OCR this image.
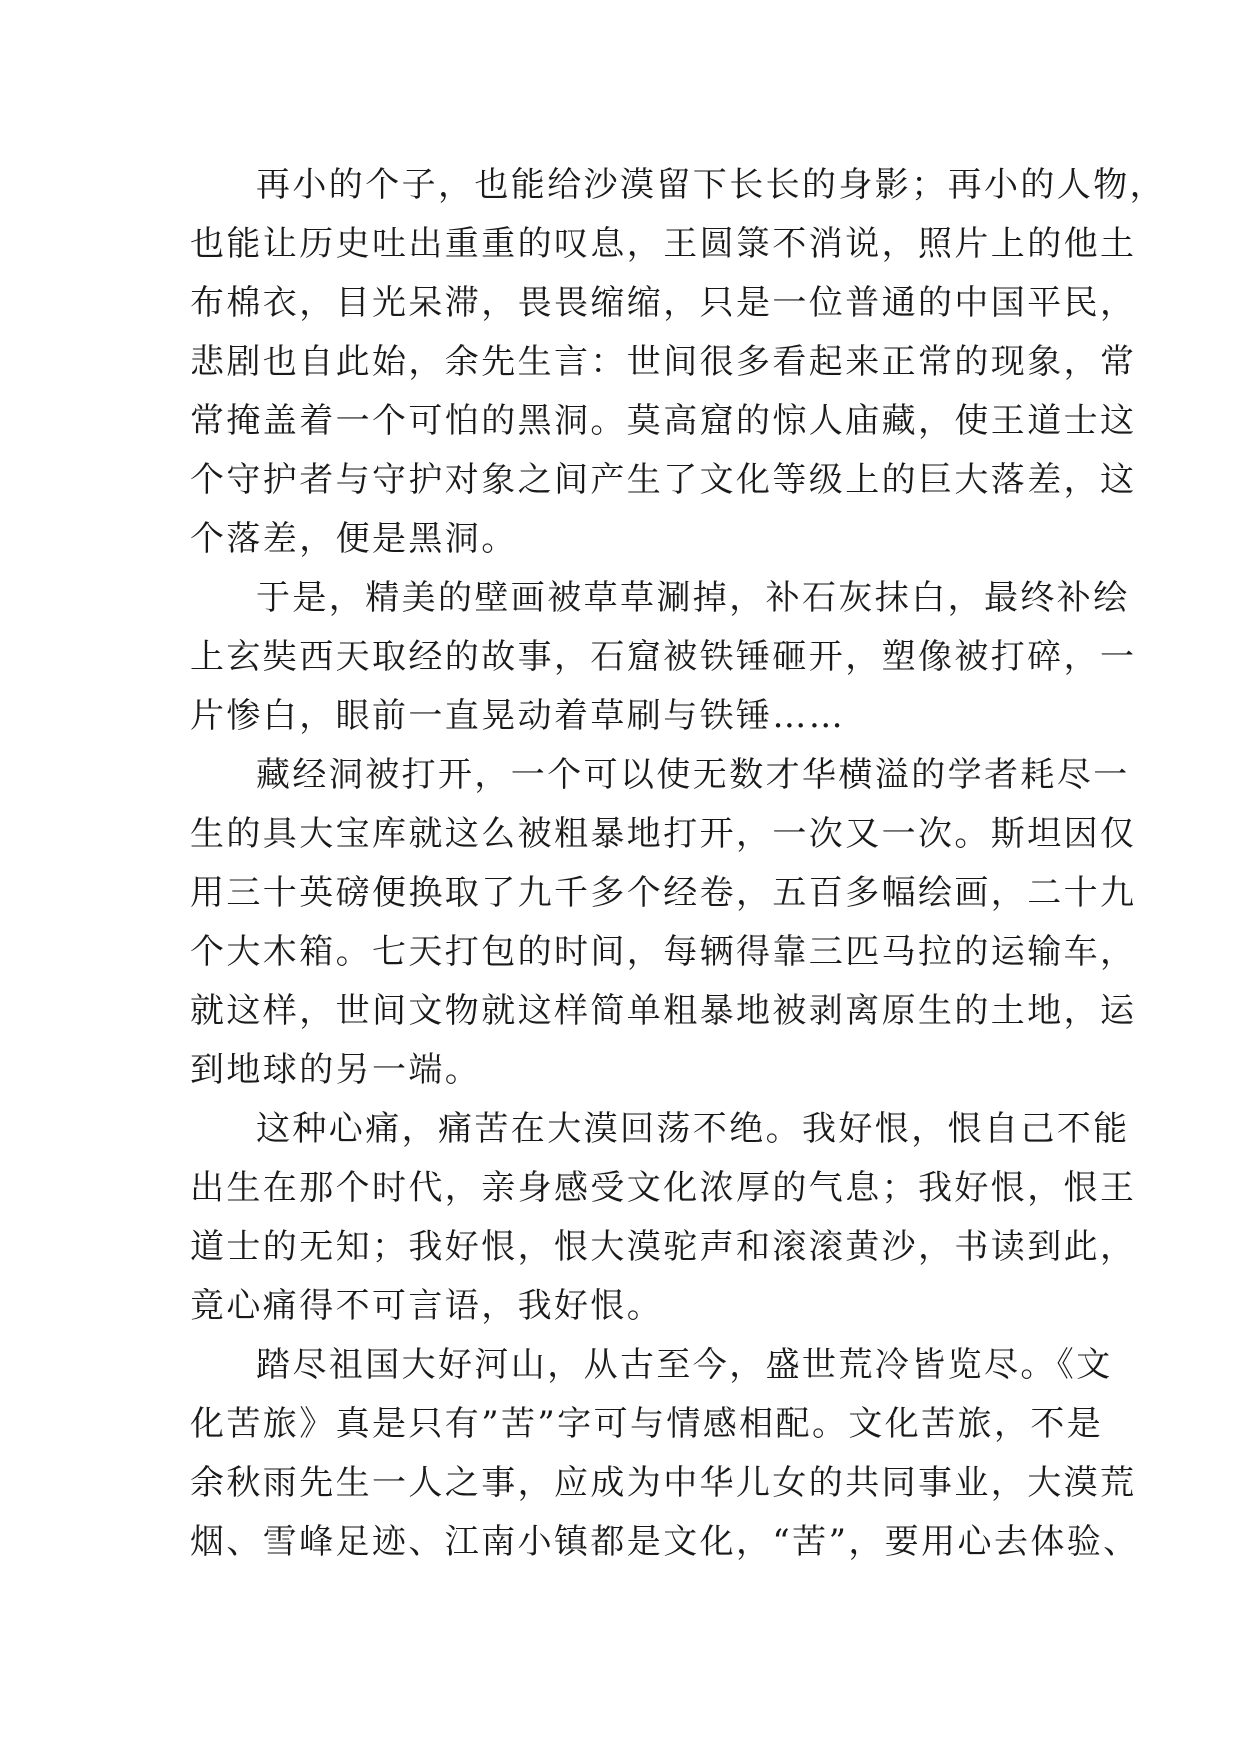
再小的个子，也能给沙漠留下长长的身影；再小的人物，
也能让历史吐出重重的叹息，王圆箓不消说，照片上的他土
布棉衣，目光呆滞，畏畏缩缩，只是一位普通的中国平民，
悲剧也自此始，余先生言：世间很多看起来正常的现象，常
常掩盖着一个可怕的黑洞。莫高窟的惊人庙藏，使王道士这
个守护者与守护对象之间产生了文化等级上的巨大落差，这
个落差，便是黑洞。
于是，精美的壁画被草草涮掉，补石灰抹白，最终补绘
上玄奘西天取经的故事，石窟被铁锤砸开，塑像被打碎，一
片惨白，眼前一直晃动着草刷与铁锤……
藏经洞被打开，一个可以使无数才华横溢的学者耗尽一
生的具大宝库就这么被粗暴地打开，一次又一次。斯坦因仅
用三十英磅便换取了九千多个经卷，五百多幅绘画，二十九
个大木箱。七天打包的时间，每辆得靠三匹马拉的运输车，
就这样，世间文物就这样简单粗暴地被剥离原生的土地，运
到地球的另一端。
这种心痛，痛苦在大漠回荡不绝。我好恨，恨自己不能
出生在那个时代，亲身感受文化浓厚的气息；我好恨，恨王
道士的无知；我好恨，恨大漠驼声和滚滚黄沙，书读到此，
竟心痛得不可言语，我好恨。
踏尽祖国大好河山，从古至今，盛世荒冷皆览尽。《文
化苦旅》真是只有”苦”字可与情感相配。文化苦旅，不是
余秋雨先生一人之事，应成为中华儿女的共同事业，大漠荒
烟、雪峰足迹、江南小镇都是文化，“苦”，要用心去体验、
